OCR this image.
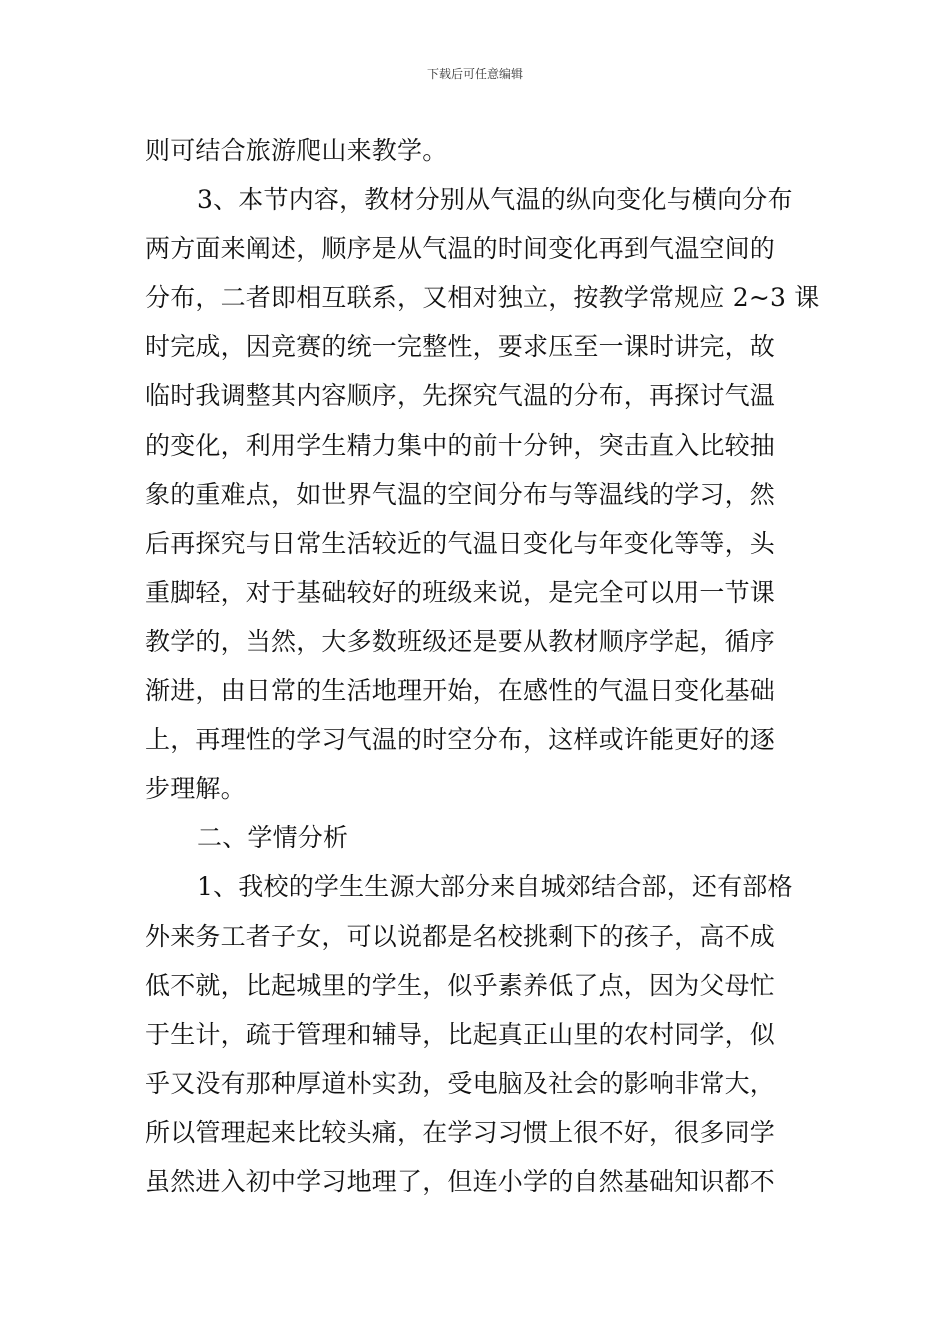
下载后可任意编辑
则可结合旅游爬山来教学。
3、本节内容，教材分别从气温的纵向变化与横向分布
两方面来阐述，顺序是从气温的时间变化再到气温空间的
分布，二者即相互联系，又相对独立，按教学常规应 2~3 课
时完成，因竞赛的统一完整性，要求压至一课时讲完，故
临时我调整其内容顺序，先探究气温的分布，再探讨气温
的变化，利用学生精力集中的前十分钟，突击直入比较抽
象的重难点，如世界气温的空间分布与等温线的学习，然
后再探究与日常生活较近的气温日变化与年变化等等，头
重脚轻，对于基础较好的班级来说，是完全可以用一节课
教学的，当然，大多数班级还是要从教材顺序学起，循序
渐进，由日常的生活地理开始，在感性的气温日变化基础
上，再理性的学习气温的时空分布，这样或许能更好的逐
步理解。
二、学情分析
1、我校的学生生源大部分来自城郊结合部，还有部格
外来务工者子女，可以说都是名校挑剩下的孩子，高不成
低不就，比起城里的学生，似乎素养低了点，因为父母忙
于生计，疏于管理和辅导，比起真正山里的农村同学，似
乎又没有那种厚道朴实劲，受电脑及社会的影响非常大，
所以管理起来比较头痛，在学习习惯上很不好，很多同学
虽然进入初中学习地理了，但连小学的自然基础知识都不
